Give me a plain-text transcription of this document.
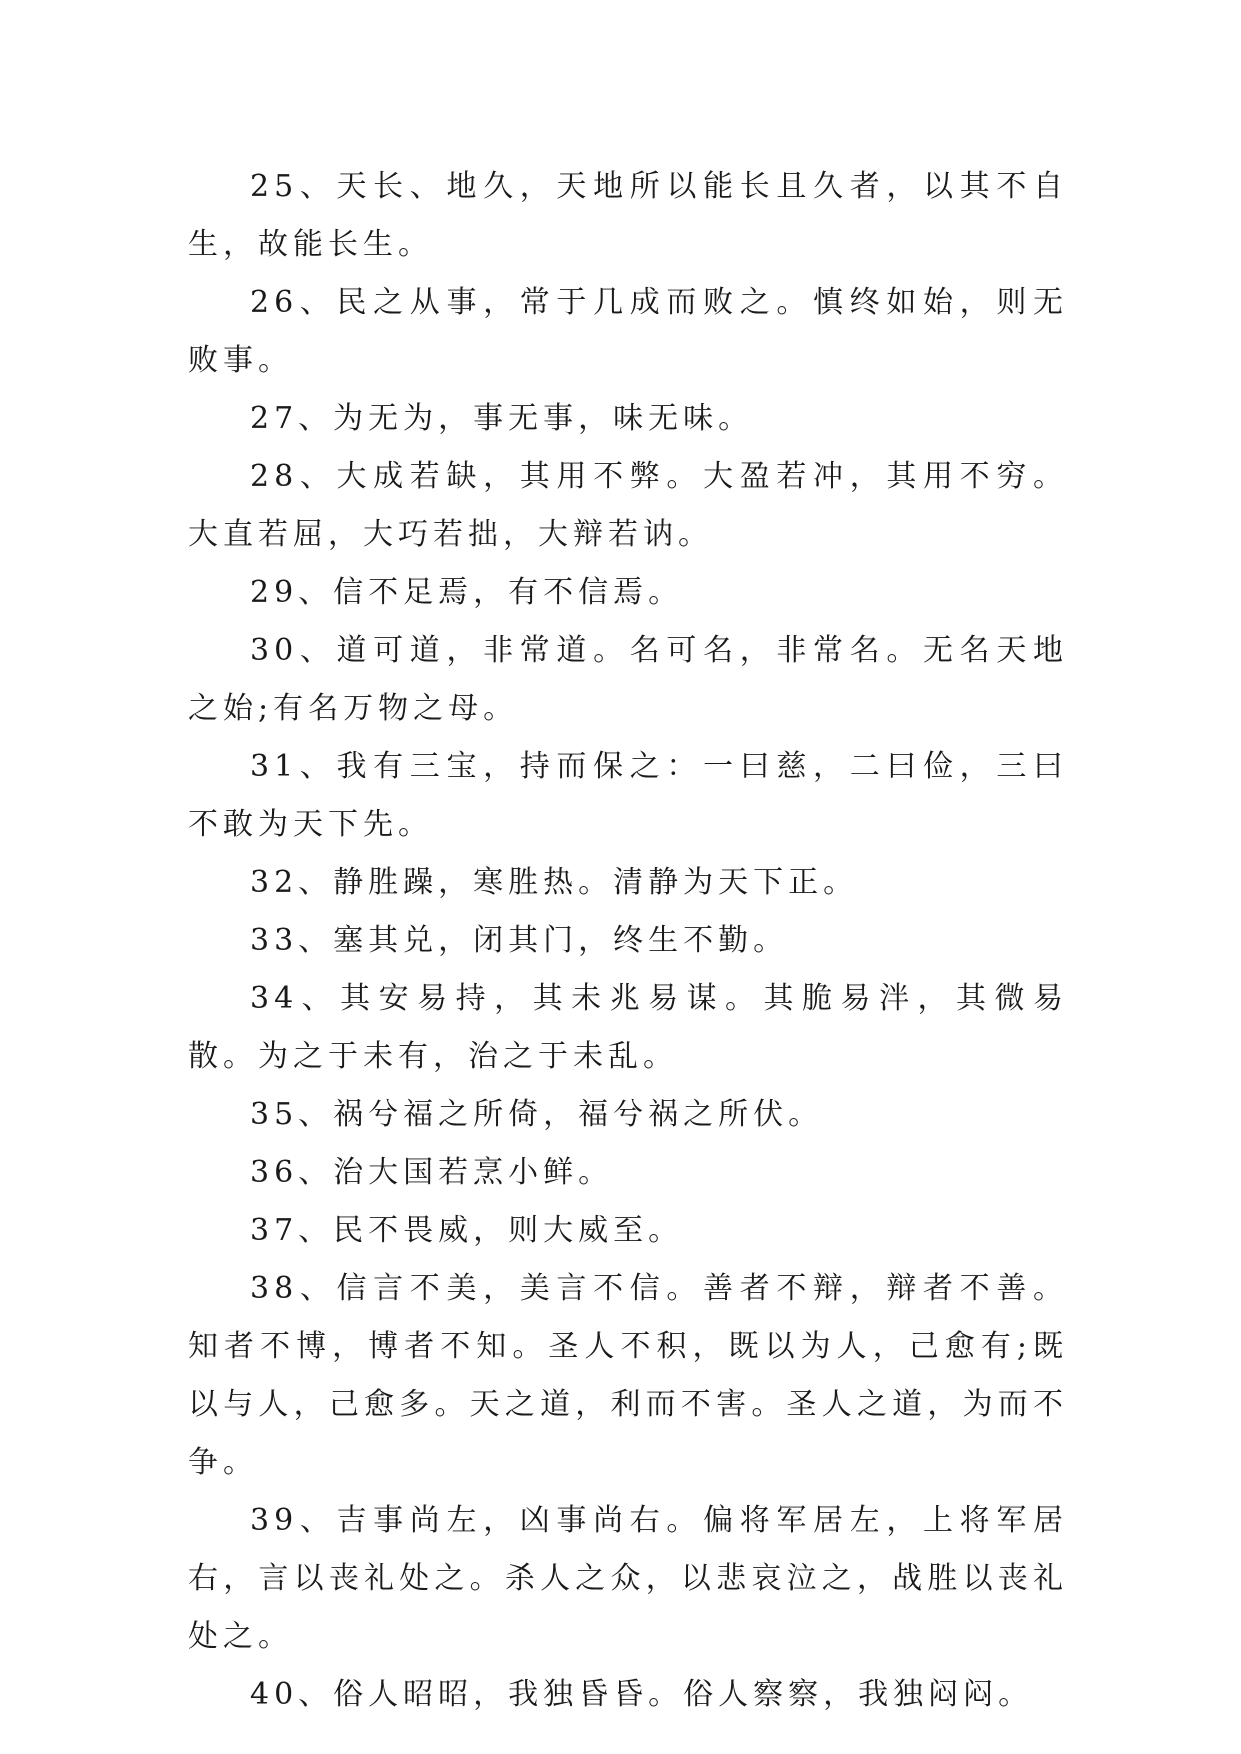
25、天长、地久，天地所以能长且久者，以其不自生，故能长生。

26、民之从事，常于几成而败之。慎终如始，则无败事。

27、为无为，事无事，味无味。

28、大成若缺，其用不弊。大盈若冲，其用不穷。大直若屈，大巧若拙，大辩若讷。

29、信不足焉，有不信焉。

30、道可道，非常道。名可名，非常名。无名天地之始;有名万物之母。

31、我有三宝，持而保之：一曰慈，二曰俭，三曰不敢为天下先。

32、静胜躁，寒胜热。清静为天下正。

33、塞其兑，闭其门，终生不勤。

34、其安易持，其未兆易谋。其脆易泮，其微易散。为之于未有，治之于未乱。

35、祸兮福之所倚，福兮祸之所伏。

36、治大国若烹小鲜。

37、民不畏威，则大威至。

38、信言不美，美言不信。善者不辩，辩者不善。知者不博，博者不知。圣人不积，既以为人，己愈有;既以与人，己愈多。天之道，利而不害。圣人之道，为而不争。

39、吉事尚左，凶事尚右。偏将军居左，上将军居右，言以丧礼处之。杀人之众，以悲哀泣之，战胜以丧礼处之。

40、俗人昭昭，我独昏昏。俗人察察，我独闷闷。
